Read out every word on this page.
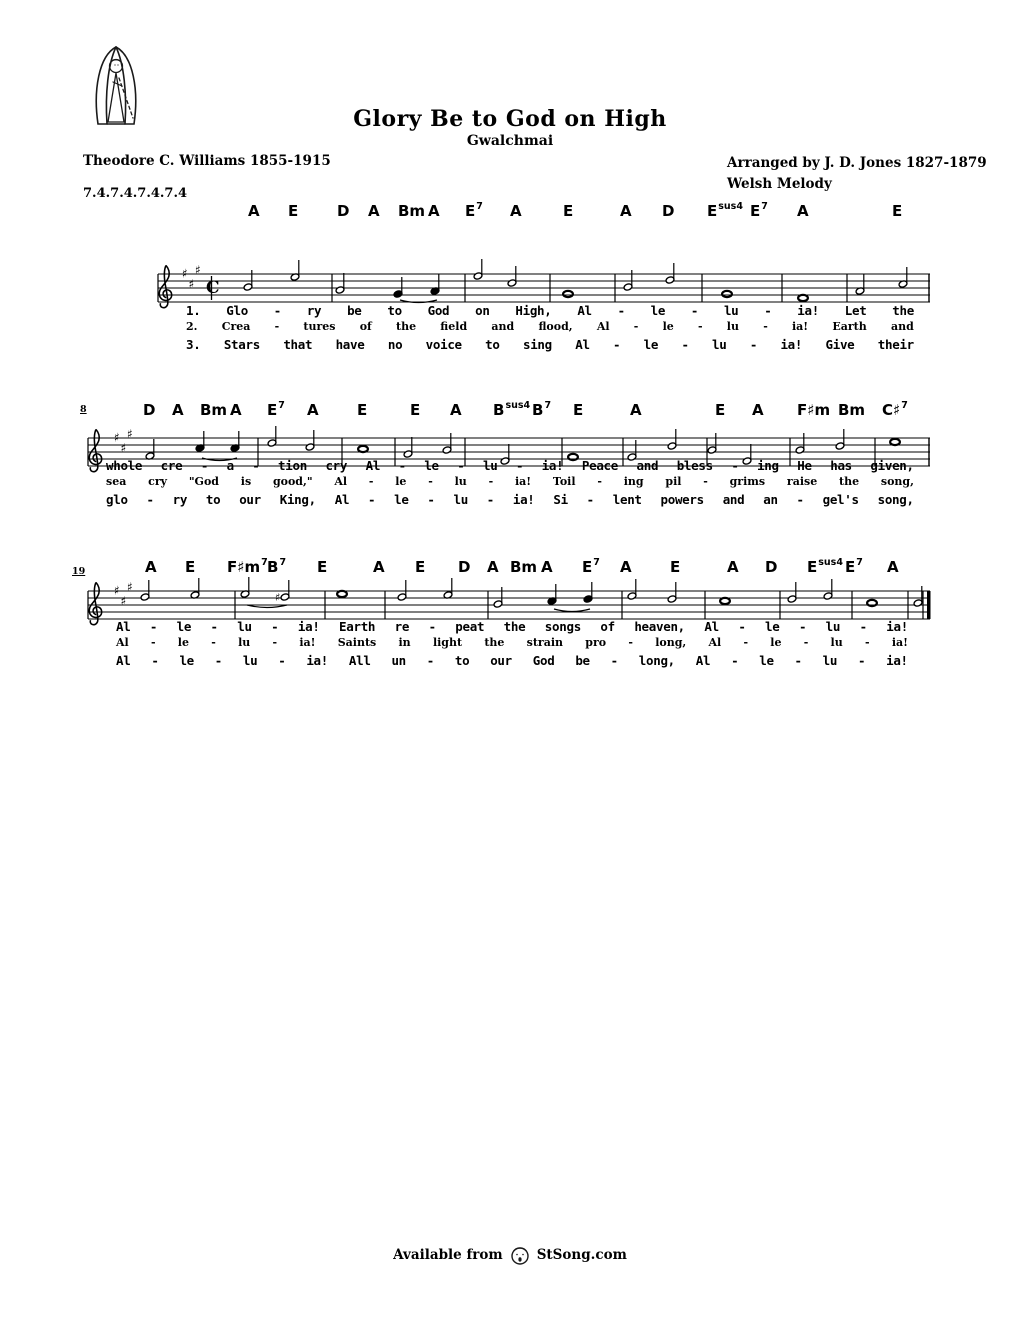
Glory Be to God on High
Gwalchmai
Theodore C. Williams 1855-1915	Arranged by J. D. Jones 1827-1879
Welsh Melody
7.4.7.4.7.4.7.4
A E	D A Bm A $E^7$ A	E	A D $E^{sus4}$ $E^7$ A	E
♯
♯
♯
C
1. Glo - ry be to God on High, Al - le - lu - ia! Let the
2. Crea - tures of the field and flood, Al - le - lu - ia! Earth and
3. Stars that have no voice to sing Al - le - lu - ia! Give their
D A Bm A $E^7$ A	E	E A $B^{sus4}$ $B^7$ E	A	E A F♯m Bm C♯$^7$
8
♯
♯
♯
whole cre - a - tion cry Al - le - lu - ia! Peace and bless - ing He has given,
sea cry "God is good," Al - le - lu - ia! Toil - ing pil - grims raise the song,
glo - ry to our King, Al - le - lu - ia! Si - lent powers and an - gel's song,
A E $F♯m^7$ $B^7$ E	A E D A Bm A $E^7$ A	E	A D $E^{sus4}$ $E^7$ A
19
♯
♯
♯
♯
Al - le - lu - ia! Earth re - peat the songs of heaven, Al - le - lu - ia!
Al - le - lu - ia! Saints in light the strain pro - long, Al - le - lu - ia!
Al - le - lu - ia! All un - to our God be - long, Al - le - lu - ia!
Available from	StSong.com
